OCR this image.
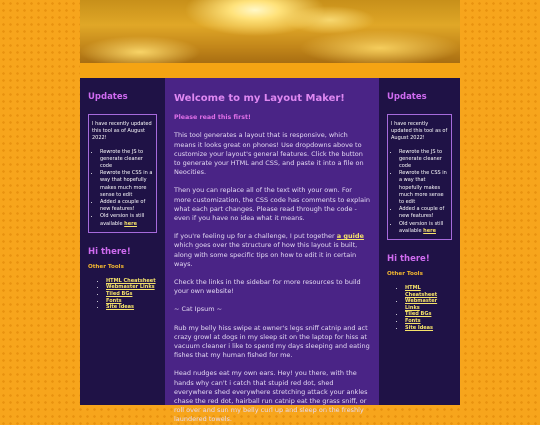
Updates
I have recently updated this tool as of August 2022!
• Rewrote the JS to generate cleaner code
• Rewrote the CSS in a way that hopefully makes much more sense to edit
• Added a couple of new features!
• Old version is still available here
Hi there!
Other Tools
• HTML Cheatsheet
• Webmaster Links
• Tiled BGs
• Fonts
• Site Ideas
Welcome to my Layout Maker!
Please read this first!

This tool generates a layout that is responsive, which means it looks great on phones! Use dropdowns above to customize your layout's general features. Click the button to generate your HTML and CSS, and paste it into a file on Neocities.

Then you can replace all of the text with your own. For more customization, the CSS code has comments to explain what each part changes. Please read through the code - even if you have no idea what it means.

If you're feeling up for a challenge, I put together a guide which goes over the structure of how this layout is built, along with some specific tips on how to edit it in certain ways.

Check the links in the sidebar for more resources to build your own website!

~ Cat Ipsum ~

Rub my belly hiss swipe at owner's legs sniff catnip and act crazy growl at dogs in my sleep sit on the laptop for hiss at vacuum cleaner i like to spend my days sleeping and eating fishes that my human fished for me.

Head nudges eat my own ears. Hey! you there, with the hands why can't i catch that stupid red dot, shed everywhere shed everywhere stretching attack your ankles chase the red dot, hairball run catnip eat the grass sniff, or roll over and sun my belly curl up and sleep on the freshly laundered towels.

Updates
I have recently updated this tool as of August 2022!
• Rewrote the JS to generate cleaner code
• Rewrote the CSS in a way that hopefully makes much more sense to edit
• Added a couple of new features!
• Old version is still available here
Hi there!
Other Tools
• HTML Cheatsheet
• Webmaster Links
• Tiled BGs
• Fonts
• Site Ideas
